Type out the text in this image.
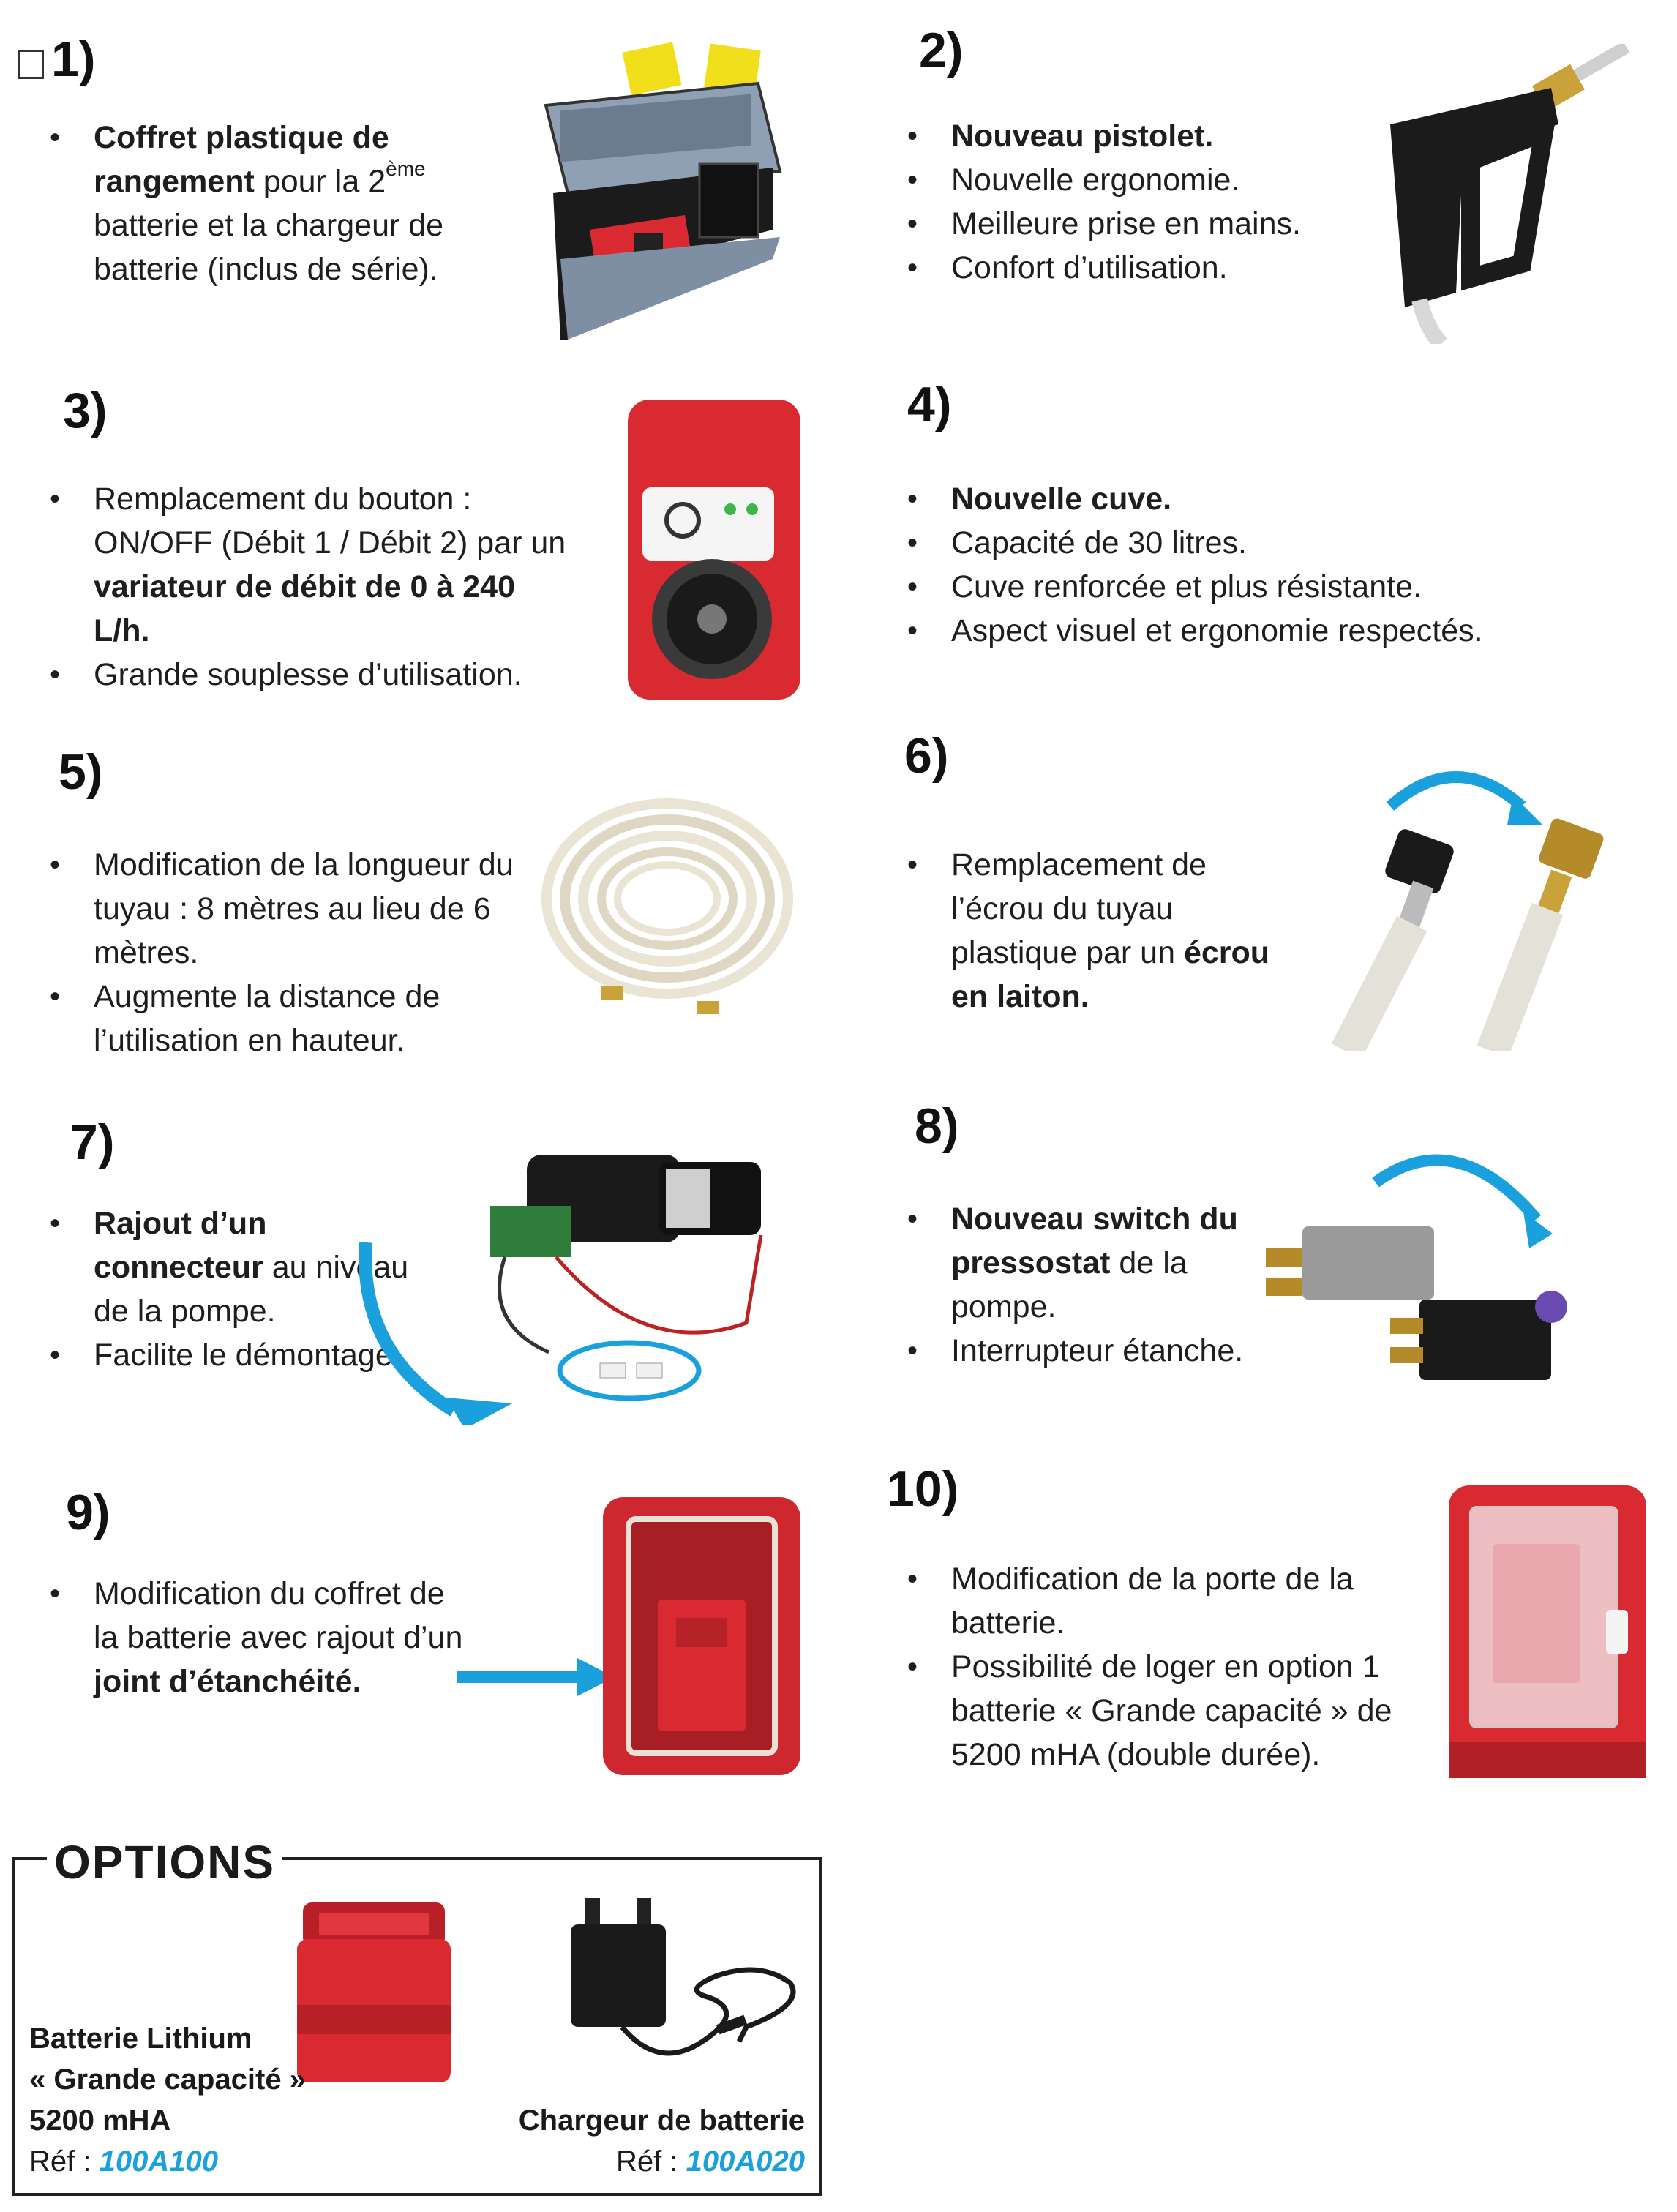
1)
• Coffret plastique de rangement pour la 2ème batterie et la chargeur de batterie (inclus de série).
2)
• Nouveau pistolet.
• Nouvelle ergonomie.
• Meilleure prise en mains.
• Confort d’utilisation.
3)
• Remplacement du bouton : ON/OFF (Débit 1 / Débit 2) par un variateur de débit de 0 à 240 L/h.
• Grande souplesse d’utilisation.
4)
• Nouvelle cuve.
• Capacité de 30 litres.
• Cuve renforcée et plus résistante.
• Aspect visuel et ergonomie respectés.
5)
• Modification de la longueur du tuyau : 8 mètres au lieu de 6 mètres.
• Augmente la distance de l’utilisation en hauteur.
6)
• Remplacement de l’écrou du tuyau plastique par un écrou en laiton.
7)
• Rajout d’un connecteur au niveau de la pompe.
• Facilite le démontage.
8)
• Nouveau switch du pressostat de la pompe.
• Interrupteur étanche.
9)
• Modification du coffret de la batterie avec rajout d’un joint d’étanchéité.
10)
• Modification de la porte de la batterie.
• Possibilité de loger en option 1 batterie « Grande capacité » de 5200 mHA (double durée).
OPTIONS
Batterie Lithium
« Grande capacité »
5200 mHA
Réf : 100A100
Chargeur de batterie
Réf : 100A020
